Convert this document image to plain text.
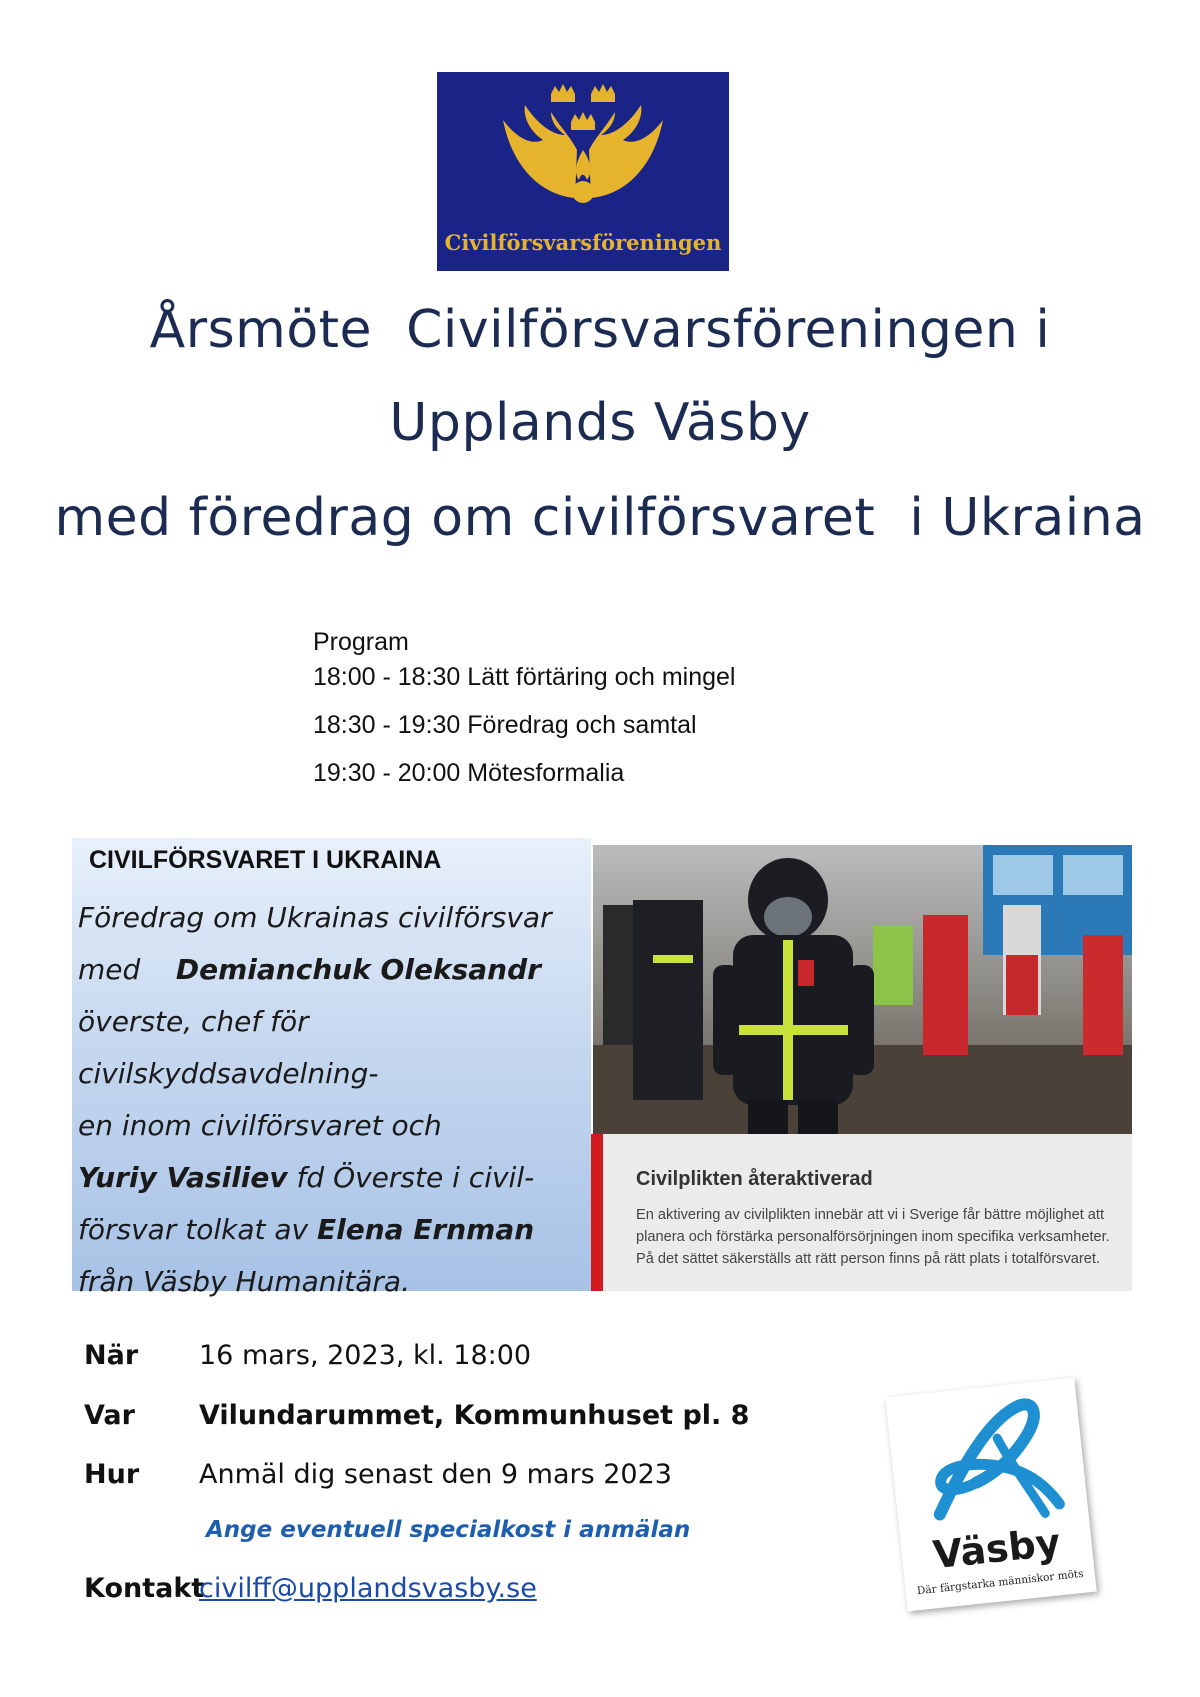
Civilförsvarsföreningen
Årsmöte  Civilförsvarsföreningen i
Upplands Väsby
med föredrag om civilförsvaret  i Ukraina
Program
18:00 - 18:30 Lätt förtäring och mingel
18:30 - 19:30 Föredrag och samtal
19:30 - 20:00 Mötesformalia
CIVILFÖRSVARET I UKRAINA
Föredrag om Ukrainas civilförsvar
med Demianchuk Oleksandr
överste, chef för civilskyddsavdelning-
en inom civilförsvaret och
Yuriy Vasiliev fd Överste i civil-
försvar tolkat av Elena Ernman
från Väsby Humanitära.
Civilplikten återaktiverad
En aktivering av civilplikten innebär att vi i Sverige får bättre möjlighet att planera och förstärka personalförsörjningen inom specifika verksamheter. På det sättet säkerställs att rätt person finns på rätt plats i totalförsvaret.
När 16 mars, 2023, kl. 18:00
Var Vilundarummet, Kommunhuset pl. 8
Hur Anmäl dig senast den 9 mars 2023
Ange eventuell specialkost i anmälan
Kontakt
civilff@upplandsvasby.se
Väsby
Där färgstarka människor möts
